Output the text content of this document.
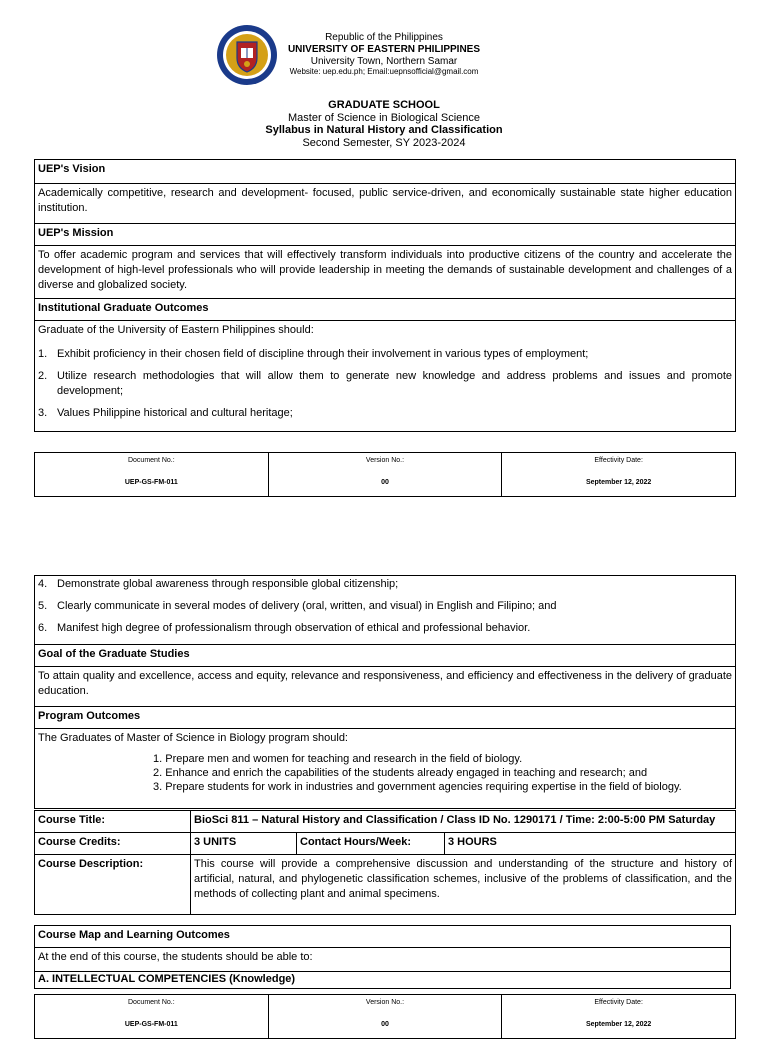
Republic of the Philippines
UNIVERSITY OF EASTERN PHILIPPINES
University Town, Northern Samar
Website: uep.edu.ph; Email:uepnsofficial@gmail.com
GRADUATE SCHOOL
Master of Science in Biological Science
Syllabus in Natural History and Classification
Second Semester, SY 2023-2024
UEP's Vision
Academically competitive, research and development- focused, public service-driven, and economically sustainable state higher education institution.
UEP's Mission
To offer academic program and services that will effectively transform individuals into productive citizens of the country and accelerate the development of high-level professionals who will provide leadership in meeting the demands of sustainable development and challenges of a diverse and globalized society.
Institutional Graduate Outcomes

Graduate of the University of Eastern Philippines should:
1. Exhibit proficiency in their chosen field of discipline through their involvement in various types of employment;
2. Utilize research methodologies that will allow them to generate new knowledge and address problems and issues and promote development;
3. Values Philippine historical and cultural heritage;
Document No.:
UEP-GS-FM-011

Version No.:
00

Effectivity Date:
September 12, 2022
4. Demonstrate global awareness through responsible global citizenship;
5. Clearly communicate in several modes of delivery (oral, written, and visual) in English and Filipino; and
6. Manifest high degree of professionalism through observation of ethical and professional behavior.

Goal of the Graduate Studies
To attain quality and excellence, access and equity, relevance and responsiveness, and efficiency and effectiveness in the delivery of graduate education.
Program Outcomes

The Graduates of Master of Science in Biology program should:
1. Prepare men and women for teaching and research in the field of biology.
2. Enhance and enrich the capabilities of the students already engaged in teaching and research; and
3. Prepare students for work in industries and government agencies requiring expertise in the field of biology.
Course Title:	BioSci 811 – Natural History and Classification / Class ID No. 1290171 / Time: 2:00-5:00 PM Saturday		
Course Credits:	3 UNITS	Contact Hours/Week:	3 HOURS
Course Description:	This course will provide a comprehensive discussion and understanding of the structure and history of artificial, natural, and phylogenetic classification schemes, inclusive of the problems of classification, and the methods of collecting plant and animal specimens.		
Course Map and Learning Outcomes
At the end of this course, the students should be able to:
A. INTELLECTUAL COMPETENCIES (Knowledge)
Document No.:
UEP-GS-FM-011

Version No.:
00

Effectivity Date:
September 12, 2022
